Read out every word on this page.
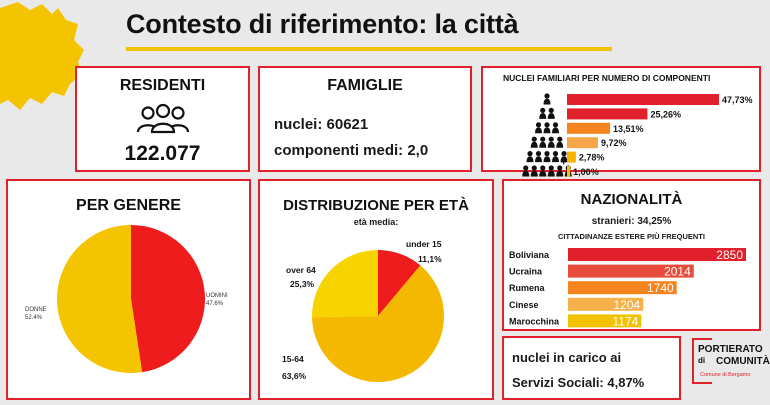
Contesto di riferimento: la città
RESIDENTI
122.077
FAMIGLIE
nuclei: 60621
componenti medi: 2,0
NUCLEI FAMILIARI PER NUMERO DI COMPONENTI
47,73%
25,26%
13,51%
9,72%
2,78%
1,00%
+
PER GENERE
UOMINI
47.6%
DONNE
52.4%
DISTRIBUZIONE PER ETÀ
età media:
under 15
11,1%
over 64
25,3%
15-64
63,6%
NAZIONALITÀ
stranieri: 34,25%
CITTADINANZE ESTERE PIÙ FREQUENTI
Boliviana	2850
Ucraina	2014
Rumena	1740
Cinese	1204
Marocchina	1174
nuclei in carico ai
Servizi Sociali: 4,87%
PORTIERATO
di COMUNITÀ
Comune di Bergamo
